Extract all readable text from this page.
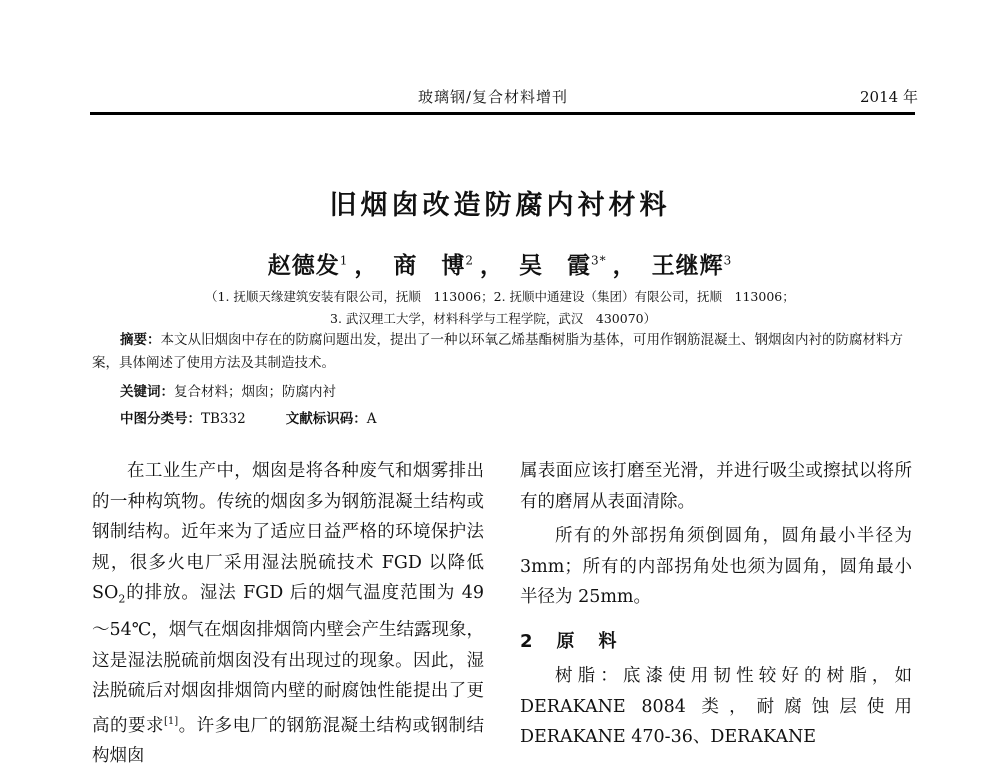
玻璃钢/复合材料增刊	2014 年
旧烟囱改造防腐内衬材料
赵德发$^1$ ， 商　博$^2$ ， 吴　霞$^{3*}$ ， 王继辉$^3$
（1. 抚顺天缘建筑安装有限公司，抚顺　113006；2. 抚顺中通建设（集团）有限公司，抚顺　113006；
3. 武汉理工大学，材料科学与工程学院，武汉　430070）
摘要：本文从旧烟囱中存在的防腐问题出发，提出了一种以环氧乙烯基酯树脂为基体，可用作钢筋混凝土、钢烟囱内衬的防腐材料方案，具体阐述了使用方法及其制造技术。
关键词：复合材料；烟囱；防腐内衬
中图分类号：TB332	文献标识码：A

在工业生产中，烟囱是将各种废气和烟雾排出的一种构筑物。传统的烟囱多为钢筋混凝土结构或钢制结构。近年来为了适应日益严格的环境保护法规，很多火电厂采用湿法脱硫技术 FGD 以降低 $SO_2$的排放。湿法 FGD 后的烟气温度范围为 49～54℃，烟气在烟囱排烟筒内壁会产生结露现象，这是湿法脱硫前烟囱没有出现过的现象。因此，湿法脱硫后对烟囱排烟筒内壁的耐腐蚀性能提出了更高的要求[1]。许多电厂的钢筋混凝土结构或钢制结构烟囱

属表面应该打磨至光滑，并进行吸尘或擦拭以将所有的磨屑从表面清除。

所有的外部拐角须倒圆角，圆角最小半径为 3mm；所有的内部拐角处也须为圆角，圆角最小半径为 25mm。

2　原　料

树脂：底漆使用韧性较好的树脂，如 DERAKANE 8084 类，耐腐蚀层使用 DERAKANE 470-36、DERAKANE
